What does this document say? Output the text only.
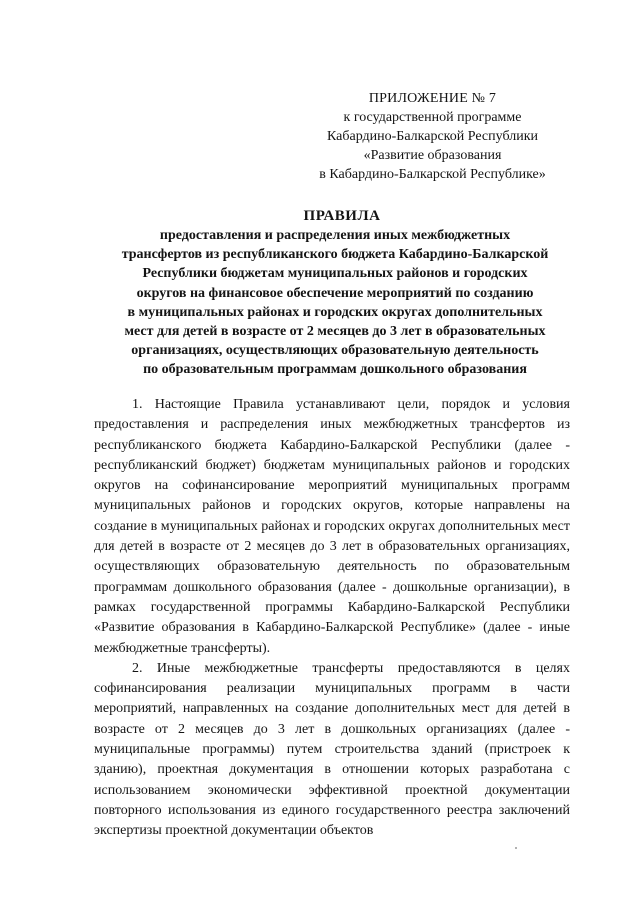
ПРИЛОЖЕНИЕ № 7
к государственной программе
Кабардино-Балкарской Республики
«Развитие образования
в Кабардино-Балкарской Республике»
ПРАВИЛА
предоставления и распределения иных межбюджетных
трансфертов из республиканского бюджета Кабардино-Балкарской
Республики бюджетам муниципальных районов и городских
округов на финансовое обеспечение мероприятий по созданию
в муниципальных районах и городских округах дополнительных
мест для детей в возрасте от 2 месяцев до 3 лет в образовательных
организациях, осуществляющих образовательную деятельность
по образовательным программам дошкольного образования

1. Настоящие Правила устанавливают цели, порядок и условия предоставления и распределения иных межбюджетных трансфертов из республиканского бюджета Кабардино-Балкарской Республики (далее - республиканский бюджет) бюджетам муниципальных районов и городских округов на софинансирование мероприятий муниципальных программ муниципальных районов и городских округов, которые направлены на создание в муниципальных районах и городских округах дополнительных мест для детей в возрасте от 2 месяцев до 3 лет в образовательных организациях, осуществляющих образовательную деятельность по образовательным программам дошкольного образования (далее - дошкольные организации), в рамках государственной программы Кабардино-Балкарской Республики «Развитие образования в Кабардино-Балкарской Республике» (далее - иные межбюджетные трансферты).

2. Иные межбюджетные трансферты предоставляются в целях софинансирования реализации муниципальных программ в части мероприятий, направленных на создание дополнительных мест для детей в возрасте от 2 месяцев до 3 лет в дошкольных организациях (далее - муниципальные программы) путем строительства зданий (пристроек к зданию), проектная документация в отношении которых разработана с использованием экономически эффективной проектной документации повторного использования из единого государственного реестра заключений экспертизы проектной документации объектов
